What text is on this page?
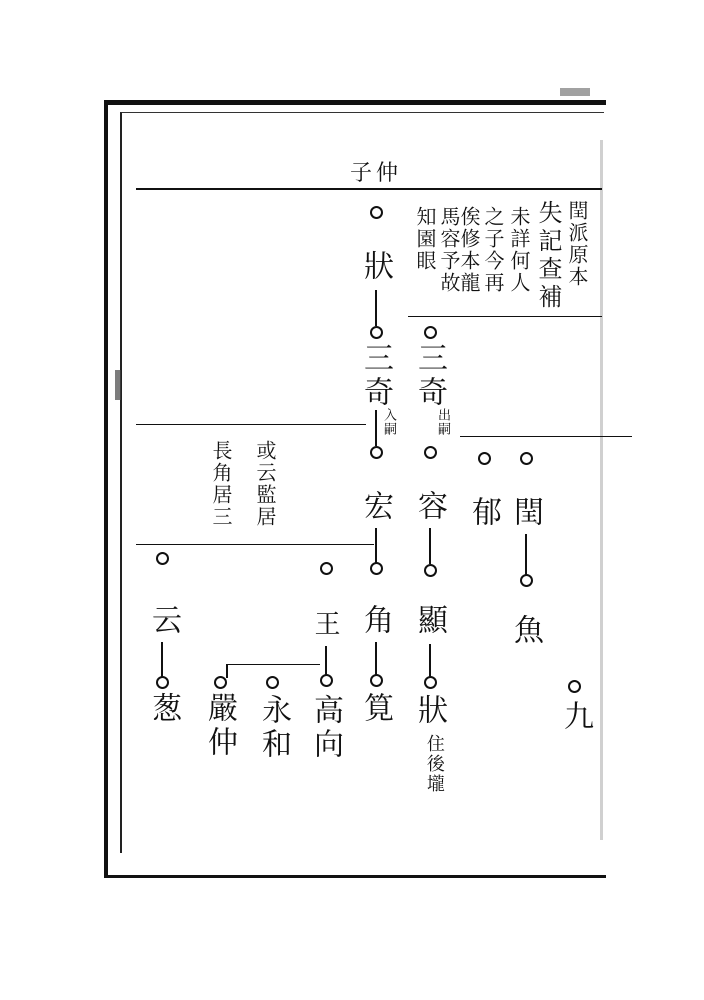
子仲
閏派原本
失記查補
未詳何人
之子今再
俟修本龍
馬容予故
知園眼
或云監居
長角居三
狀
三奇
入嗣
宏
角
筧
三奇
出嗣
容
顯
狀
住後壠
郁 閏
魚
九
云
葱
王
高向
永和
嚴仲
